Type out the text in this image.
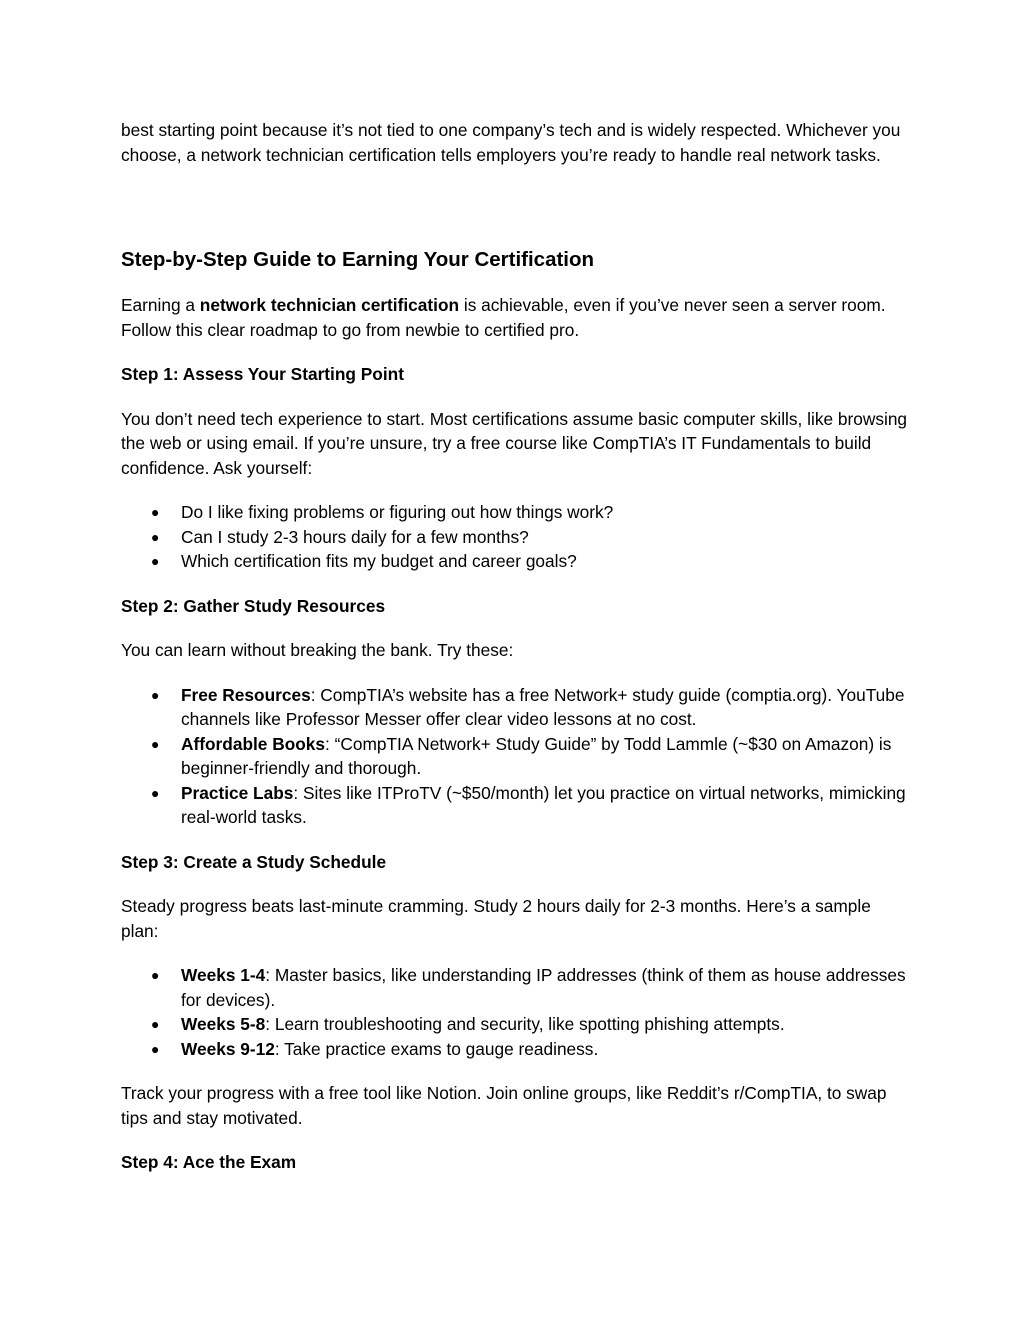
best starting point because it’s not tied to one company’s tech and is widely respected. Whichever you choose, a network technician certification tells employers you’re ready to handle real network tasks.

Step-by-Step Guide to Earning Your Certification

Earning a network technician certification is achievable, even if you’ve never seen a server room. Follow this clear roadmap to go from newbie to certified pro.

Step 1: Assess Your Starting Point

You don’t need tech experience to start. Most certifications assume basic computer skills, like browsing the web or using email. If you’re unsure, try a free course like CompTIA’s IT Fundamentals to build confidence. Ask yourself:

● Do I like fixing problems or figuring out how things work?
● Can I study 2-3 hours daily for a few months?
● Which certification fits my budget and career goals?

Step 2: Gather Study Resources

You can learn without breaking the bank. Try these:

● Free Resources: CompTIA’s website has a free Network+ study guide (comptia.org). YouTube channels like Professor Messer offer clear video lessons at no cost.
● Affordable Books: “CompTIA Network+ Study Guide” by Todd Lammle (~$30 on Amazon) is beginner-friendly and thorough.
● Practice Labs: Sites like ITProTV (~$50/month) let you practice on virtual networks, mimicking real-world tasks.

Step 3: Create a Study Schedule

Steady progress beats last-minute cramming. Study 2 hours daily for 2-3 months. Here’s a sample plan:

● Weeks 1-4: Master basics, like understanding IP addresses (think of them as house addresses for devices).
● Weeks 5-8: Learn troubleshooting and security, like spotting phishing attempts.
● Weeks 9-12: Take practice exams to gauge readiness.

Track your progress with a free tool like Notion. Join online groups, like Reddit’s r/CompTIA, to swap tips and stay motivated.

Step 4: Ace the Exam
